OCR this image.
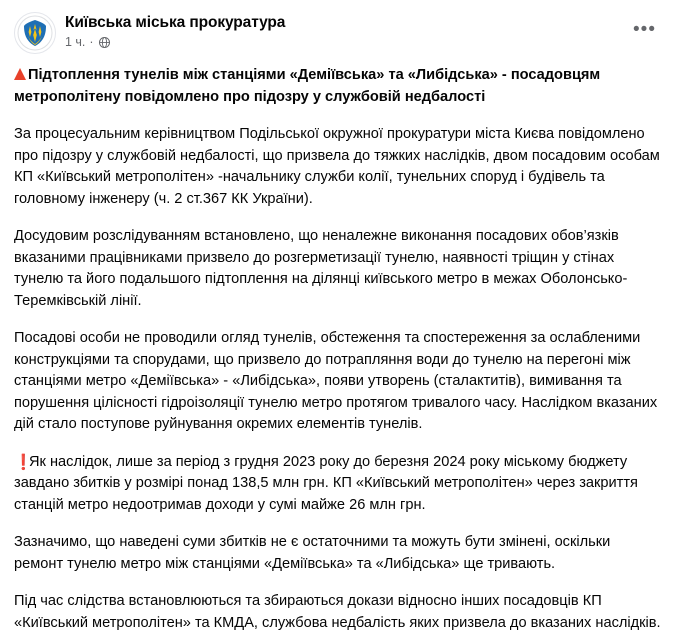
Київська міська прокуратура
1 ч. ·
•••

Підтоплення тунелів між станціями «Деміївська» та «Либідська» - посадовцям метрополітену повідомлено про підозру у службовій недбалості

За процесуальним керівництвом Подільської окружної прокуратури міста Києва повідомлено про підозру у службовій недбалості, що призвела до тяжких наслідків, двом посадовим особам КП «Київський метрополітен» -начальнику служби колії, тунельних споруд і будівель та головному інженеру (ч. 2 ст.367 КК України).

Досудовим розслідуванням встановлено, що неналежне виконання посадових обов’язків вказаними працівниками призвело до розгерметизації тунелю, наявності тріщин у стінах тунелю та його подальшого підтоплення на ділянці київського метро в межах Оболонсько-Теремківській лінії.

Посадові особи не проводили огляд тунелів, обстеження та спостереження за ослабленими конструкціями та спорудами, що призвело до потрапляння води до тунелю на перегоні між станціями метро «Деміївська» - «Либідська», появи утворень (сталактитів), вимивання та порушення цілісності гідроізоляції тунелю метро протягом тривалого часу. Наслідком вказаних дій стало поступове руйнування окремих елементів тунелів.

❗Як наслідок, лише за період з грудня 2023 року до березня 2024 року міському бюджету завдано збитків у розмірі понад 138,5 млн грн. КП «Київський метрополітен» через закриття станцій метро недоотримав доходи у сумі майже 26 млн грн.

Зазначимо, що наведені суми збитків не є остаточними та можуть бути змінені, оскільки ремонт тунелю метро між станціями «Деміївська» та «Либідська» ще тривають.

Під час слідства встановлюються та збираються докази відносно інших посадовців КП «Київський метрополітен» та КМДА, службова недбалість яких призвела до вказаних наслідків.
